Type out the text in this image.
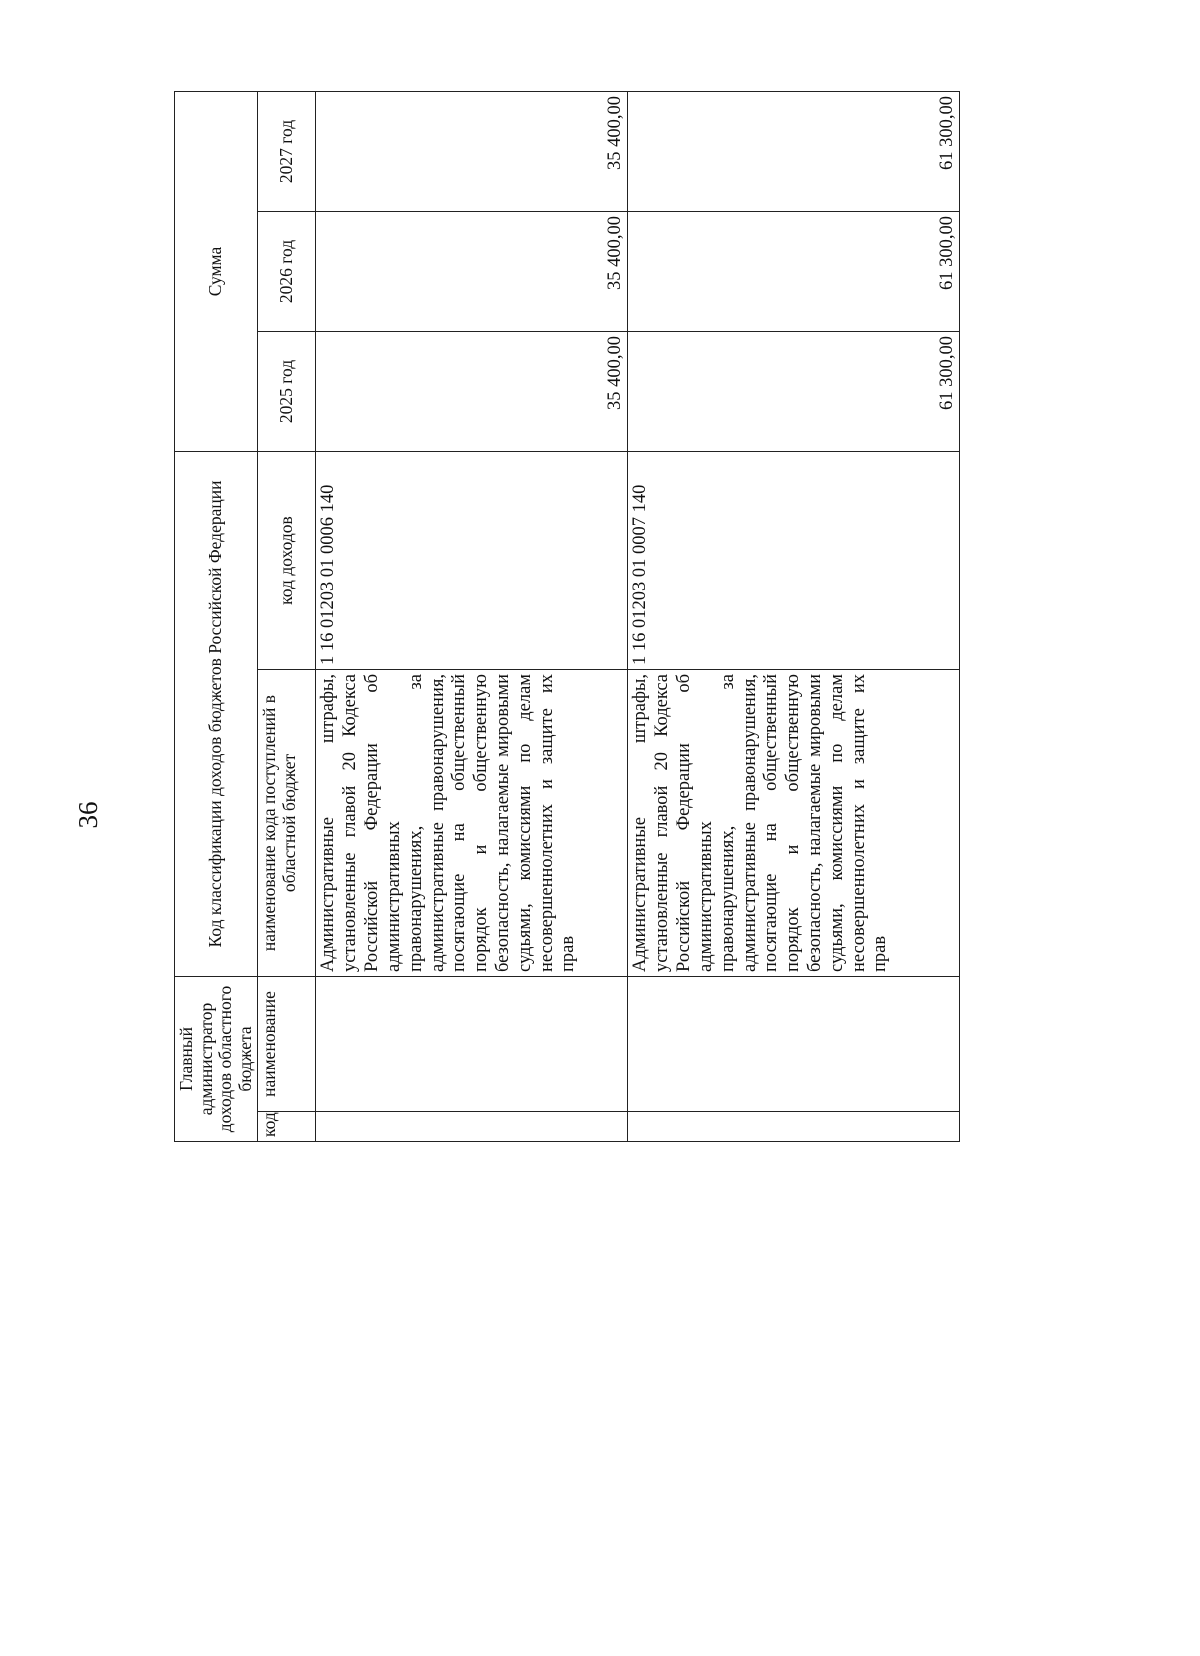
36
Главный администратор доходов областного бюджета		Код классификации доходов бюджетов Российской Федерации		Сумма		
код	наименование	наименование кода поступлений в областной бюджет	код доходов	2025 год	2026 год	2027 год
		Административные штрафы, установленные главой 20 Кодекса Российской Федерации об административных правонарушениях, за административные правонарушения, посягающие на общественный порядок и общественную безопасность, налагаемые мировыми судьями, комиссиями по делам несовершеннолетних и защите их прав	1 16 01203 01 0006 140	35 400,00	35 400,00	35 400,00
		Административные штрафы, установленные главой 20 Кодекса Российской Федерации об административных правонарушениях, за административные правонарушения, посягающие на общественный порядок и общественную безопасность, налагаемые мировыми судьями, комиссиями по делам несовершеннолетних и защите их прав	1 16 01203 01 0007 140	61 300,00	61 300,00	61 300,00
